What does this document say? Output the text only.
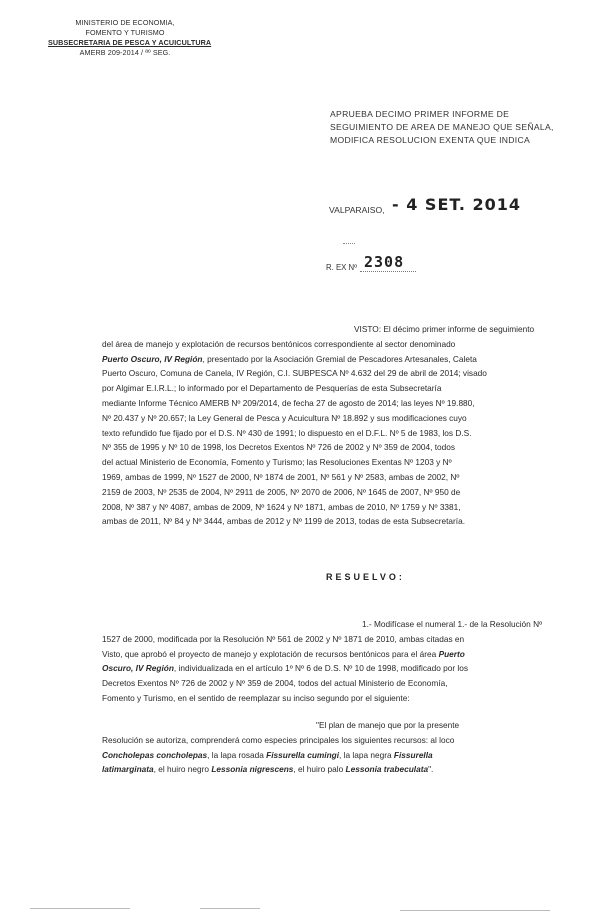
MINISTERIO DE ECONOMIA,
FOMENTO Y TURISMO
SUBSECRETARIA DE PESCA Y ACUICULTURA
AMERB 209-2014 / ªº SEG.
APRUEBA DECIMO PRIMER INFORME DE
SEGUIMIENTO DE AREA DE MANEJO QUE SEÑALA,
MODIFICA RESOLUCION EXENTA QUE INDICA
VALPARAISO, - 4 SET. 2014
R. EX Nº 2308
VISTO: El décimo primer informe de seguimiento
del área de manejo y explotación de recursos bentónicos correspondiente al sector denominado
Puerto Oscuro, IV Región, presentado por la Asociación Gremial de Pescadores Artesanales, Caleta
Puerto Oscuro, Comuna de Canela, IV Región, C.I. SUBPESCA Nº 4.632 del 29 de abril de 2014; visado
por Algimar E.I.R.L.; lo informado por el Departamento de Pesquerías de esta Subsecretaría
mediante Informe Técnico AMERB Nº 209/2014, de fecha 27 de agosto de 2014; las leyes Nº 19.880,
Nº 20.437 y Nº 20.657; la Ley General de Pesca y Acuicultura Nº 18.892 y sus modificaciones cuyo
texto refundido fue fijado por el D.S. Nº 430 de 1991; lo dispuesto en el D.F.L. Nº 5 de 1983, los D.S.
Nº 355 de 1995 y Nº 10 de 1998, los Decretos Exentos Nº 726 de 2002 y Nº 359 de 2004, todos
del actual Ministerio de Economía, Fomento y Turismo; las Resoluciones Exentas Nº 1203 y Nº
1969, ambas de 1999, Nº 1527 de 2000, Nº 1874 de 2001, Nº 561 y Nº 2583, ambas de 2002, Nº
2159 de 2003, Nº 2535 de 2004, Nº 2911 de 2005, Nº 2070 de 2006, Nº 1645 de 2007, Nº 950 de
2008, Nº 387 y Nº 4087, ambas de 2009, Nº 1624 y Nº 1871, ambas de 2010, Nº 1759 y Nº 3381,
ambas de 2011, Nº 84 y Nº 3444, ambas de 2012 y Nº 1199 de 2013, todas de esta Subsecretaría.
RESUELVO:
1.- Modifícase el numeral 1.- de la Resolución Nº
1527 de 2000, modificada por la Resolución Nº 561 de 2002 y Nº 1871 de 2010, ambas citadas en
Visto, que aprobó el proyecto de manejo y explotación de recursos bentónicos para el área Puerto
Oscuro, IV Región, individualizada en el artículo 1º Nº 6 de D.S. Nº 10 de 1998, modificado por los
Decretos Exentos Nº 726 de 2002 y Nº 359 de 2004, todos del actual Ministerio de Economía,
Fomento y Turismo, en el sentido de reemplazar su inciso segundo por el siguiente:
"El plan de manejo que por la presente
Resolución se autoriza, comprenderá como especies principales los siguientes recursos: al loco
Concholepas concholepas, la lapa rosada Fissurella cumingi, la lapa negra Fissurella
latimarginata, el huiro negro Lessonia nigrescens, el huiro palo Lessonia trabeculata".
